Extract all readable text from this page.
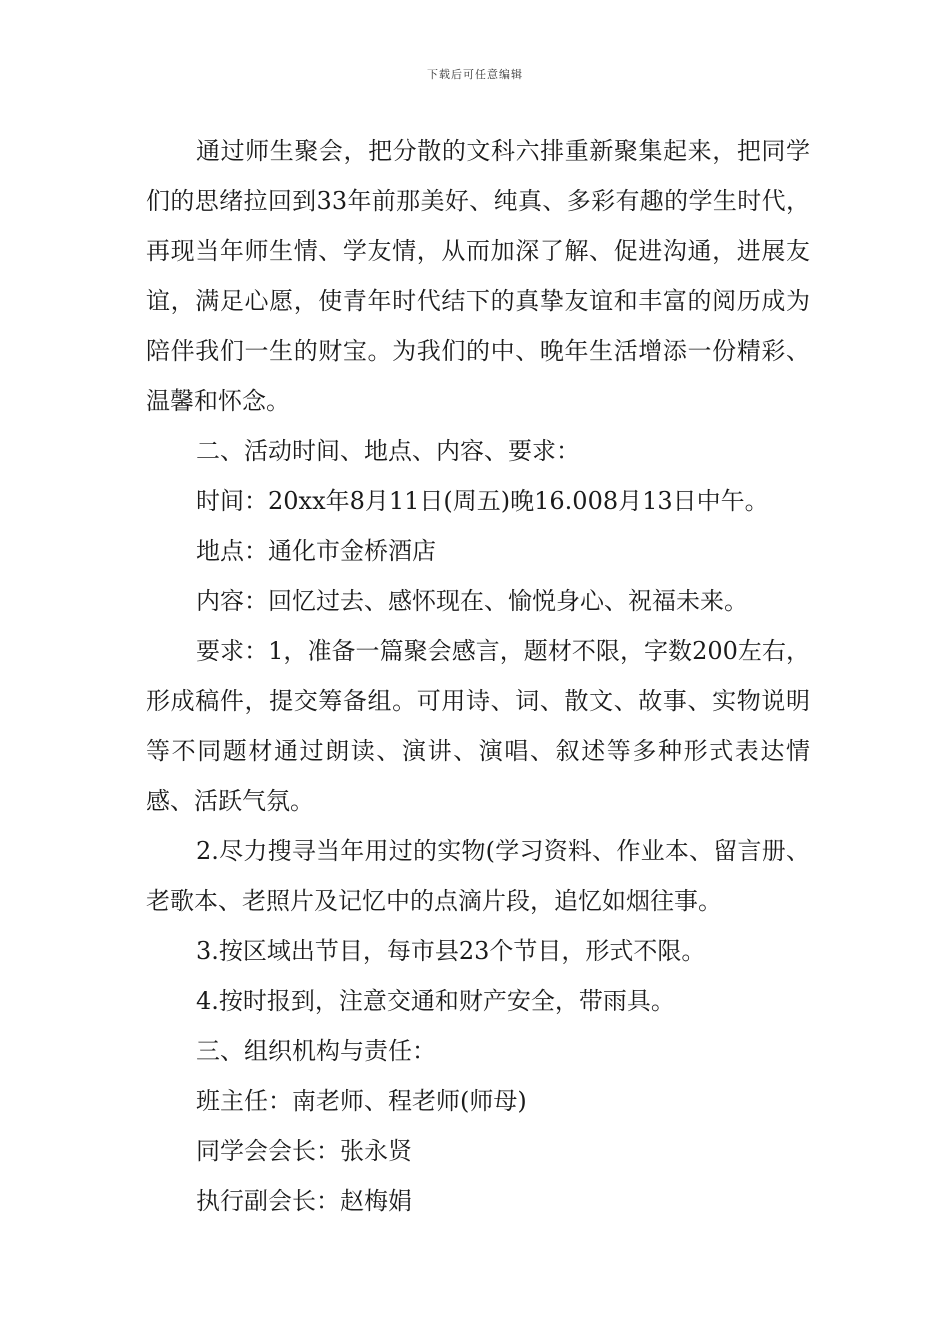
下载后可任意编辑

通过师生聚会，把分散的文科六排重新聚集起来，把同学们的思绪拉回到33年前那美好、纯真、多彩有趣的学生时代，再现当年师生情、学友情，从而加深了解、促进沟通，进展友谊，满足心愿，使青年时代结下的真挚友谊和丰富的阅历成为陪伴我们一生的财宝。为我们的中、晚年生活增添一份精彩、温馨和怀念。

二、活动时间、地点、内容、要求：

时间：20xx年8月11日(周五)晚16.008月13日中午。

地点：通化市金桥酒店

内容：回忆过去、感怀现在、愉悦身心、祝福未来。

要求：1，准备一篇聚会感言，题材不限，字数200左右，形成稿件，提交筹备组。可用诗、词、散文、故事、实物说明等不同题材通过朗读、演讲、演唱、叙述等多种形式表达情感、活跃气氛。

2.尽力搜寻当年用过的实物(学习资料、作业本、留言册、老歌本、老照片及记忆中的点滴片段，追忆如烟往事。

3.按区域出节目，每市县23个节目，形式不限。

4.按时报到，注意交通和财产安全，带雨具。

三、组织机构与责任：

班主任：南老师、程老师(师母)

同学会会长：张永贤

执行副会长：赵梅娟
